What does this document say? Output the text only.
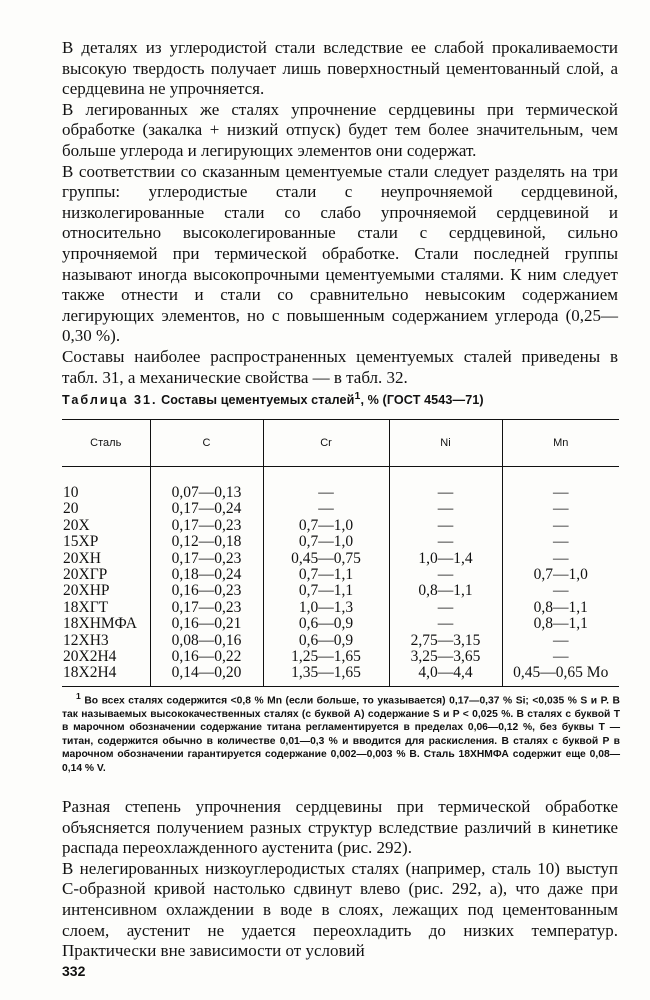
В деталях из углеродистой стали вследствие ее слабой прокаливаемости высокую твердость получает лишь поверхностный цементованный слой, а сердцевина не упрочняется.

В легированных же сталях упрочнение сердцевины при термической обработке (закалка + низкий отпуск) будет тем более значительным, чем больше углерода и легирующих элементов они содержат.

В соответствии со сказанным цементуемые стали следует разделять на три группы: углеродистые стали с неупрочняемой сердцевиной, низколегированные стали со слабо упрочняемой сердцевиной и относительно высоколегированные стали с сердцевиной, сильно упрочняемой при термической обработке. Стали последней группы называют иногда высокопрочными цементуемыми сталями. К ним следует также отнести и стали со сравнительно невысоким содержанием легирующих элементов, но с повышенным содержанием углерода (0,25—0,30 %).

Составы наиболее распространенных цементуемых сталей приведены в табл. 31, а механические свойства — в табл. 32.

Таблица 31. Составы цементуемых сталей$^1$, % (ГОСТ 4543—71)
Сталь	C	Cr	Ni	Mn

10	0,07—0,13	—	—	—
20	0,17—0,24	—	—	—
20Х	0,17—0,23	0,7—1,0	—	—
15ХР	0,12—0,18	0,7—1,0	—	—
20ХН	0,17—0,23	0,45—0,75	1,0—1,4	—
20ХГР	0,18—0,24	0,7—1,1	—	0,7—1,0
20ХНР	0,16—0,23	0,7—1,1	0,8—1,1	—
18ХГТ	0,17—0,23	1,0—1,3	—	0,8—1,1
18ХНМФА	0,16—0,21	0,6—0,9	—	0,8—1,1
12ХН3	0,08—0,16	0,6—0,9	2,75—3,15	—
20Х2Н4	0,16—0,22	1,25—1,65	3,25—3,65	—
18Х2Н4	0,14—0,20	1,35—1,65	4,0—4,4	0,45—0,65 Mo

$^1$ Во всех сталях содержится <0,8 % Mn (если больше, то указывается) 0,17—0,37 % Si; <0,035 % S и P. В так называемых высококачественных сталях (с буквой А) содержание S и P < 0,025 %. В сталях с буквой Т в марочном обозначении содержание титана регламентируется в пределах 0,06—0,12 %, без буквы Т — титан, содержится обычно в количестве 0,01—0,3 % и вводится для раскисления. В сталях с буквой Р в марочном обозначении гарантируется содержание 0,002—0,003 % В. Сталь 18ХНМФА содержит еще 0,08—0,14 % V.

Разная степень упрочнения сердцевины при термической обработке объясняется получением разных структур вследствие различий в кинетике распада переохлажденного аустенита (рис. 292).

В нелегированных низкоуглеродистых сталях (например, сталь 10) выступ С-образной кривой настолько сдвинут влево (рис. 292, а), что даже при интенсивном охлаждении в воде в слоях, лежащих под цементованным слоем, аустенит не удается переохладить до низких температур. Практически вне зависимости от условий

332
